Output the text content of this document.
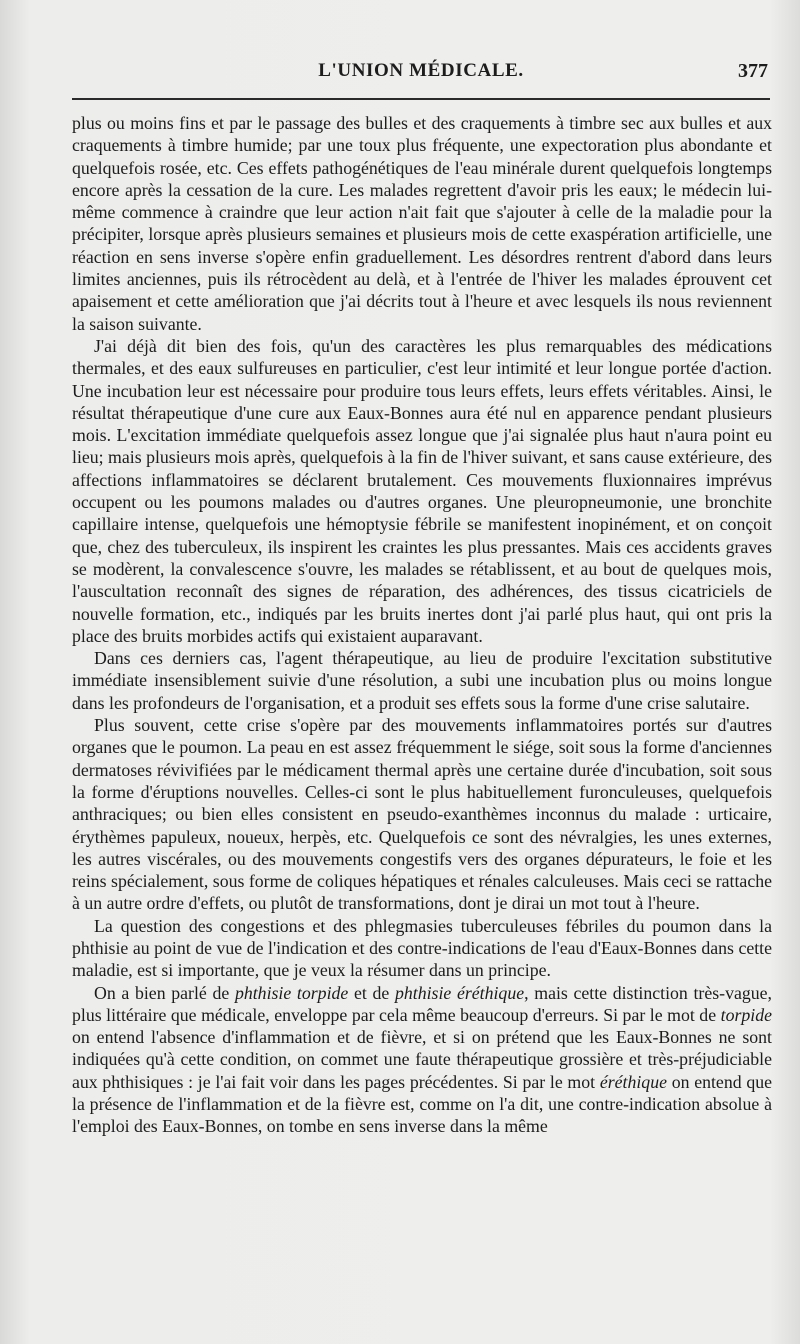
L'UNION MÉDICALE.	377

plus ou moins fins et par le passage des bulles et des craquements à timbre sec aux bulles et aux craquements à timbre humide; par une toux plus fréquente, une expectoration plus abondante et quelquefois rosée, etc. Ces effets pathogénétiques de l'eau minérale durent quelquefois longtemps encore après la cessation de la cure. Les malades regrettent d'avoir pris les eaux; le médecin lui-même commence à craindre que leur action n'ait fait que s'ajouter à celle de la maladie pour la précipiter, lorsque après plusieurs semaines et plusieurs mois de cette exaspération artificielle, une réaction en sens inverse s'opère enfin graduellement. Les désordres rentrent d'abord dans leurs limites anciennes, puis ils rétrocèdent au delà, et à l'entrée de l'hiver les malades éprouvent cet apaisement et cette amélioration que j'ai décrits tout à l'heure et avec lesquels ils nous reviennent la saison suivante.

J'ai déjà dit bien des fois, qu'un des caractères les plus remarquables des médications thermales, et des eaux sulfureuses en particulier, c'est leur intimité et leur longue portée d'action. Une incubation leur est nécessaire pour produire tous leurs effets, leurs effets véritables. Ainsi, le résultat thérapeutique d'une cure aux Eaux-Bonnes aura été nul en apparence pendant plusieurs mois. L'excitation immédiate quelquefois assez longue que j'ai signalée plus haut n'aura point eu lieu; mais plusieurs mois après, quelquefois à la fin de l'hiver suivant, et sans cause extérieure, des affections inflammatoires se déclarent brutalement. Ces mouvements fluxionnaires imprévus occupent ou les poumons malades ou d'autres organes. Une pleuropneumonie, une bronchite capillaire intense, quelquefois une hémoptysie fébrile se manifestent inopinément, et on conçoit que, chez des tuberculeux, ils inspirent les craintes les plus pressantes. Mais ces accidents graves se modèrent, la convalescence s'ouvre, les malades se rétablissent, et au bout de quelques mois, l'auscultation reconnaît des signes de réparation, des adhérences, des tissus cicatriciels de nouvelle formation, etc., indiqués par les bruits inertes dont j'ai parlé plus haut, qui ont pris la place des bruits morbides actifs qui existaient auparavant.

Dans ces derniers cas, l'agent thérapeutique, au lieu de produire l'excitation substitutive immédiate insensiblement suivie d'une résolution, a subi une incubation plus ou moins longue dans les profondeurs de l'organisation, et a produit ses effets sous la forme d'une crise salutaire.

Plus souvent, cette crise s'opère par des mouvements inflammatoires portés sur d'autres organes que le poumon. La peau en est assez fréquemment le siége, soit sous la forme d'anciennes dermatoses révivifiées par le médicament thermal après une certaine durée d'incubation, soit sous la forme d'éruptions nouvelles. Celles-ci sont le plus habituellement furonculeuses, quelquefois anthraciques; ou bien elles consistent en pseudo-exanthèmes inconnus du malade : urticaire, érythèmes papuleux, noueux, herpès, etc. Quelquefois ce sont des névralgies, les unes externes, les autres viscérales, ou des mouvements congestifs vers des organes dépurateurs, le foie et les reins spécialement, sous forme de coliques hépatiques et rénales calculeuses. Mais ceci se rattache à un autre ordre d'effets, ou plutôt de transformations, dont je dirai un mot tout à l'heure.

La question des congestions et des phlegmasies tuberculeuses fébriles du poumon dans la phthisie au point de vue de l'indication et des contre-indications de l'eau d'Eaux-Bonnes dans cette maladie, est si importante, que je veux la résumer dans un principe.

On a bien parlé de phthisie torpide et de phthisie éréthique, mais cette distinction très-vague, plus littéraire que médicale, enveloppe par cela même beaucoup d'erreurs. Si par le mot de torpide on entend l'absence d'inflammation et de fièvre, et si on prétend que les Eaux-Bonnes ne sont indiquées qu'à cette condition, on commet une faute thérapeutique grossière et très-préjudiciable aux phthisiques : je l'ai fait voir dans les pages précédentes. Si par le mot éréthique on entend que la présence de l'inflammation et de la fièvre est, comme on l'a dit, une contre-indication absolue à l'emploi des Eaux-Bonnes, on tombe en sens inverse dans la même
